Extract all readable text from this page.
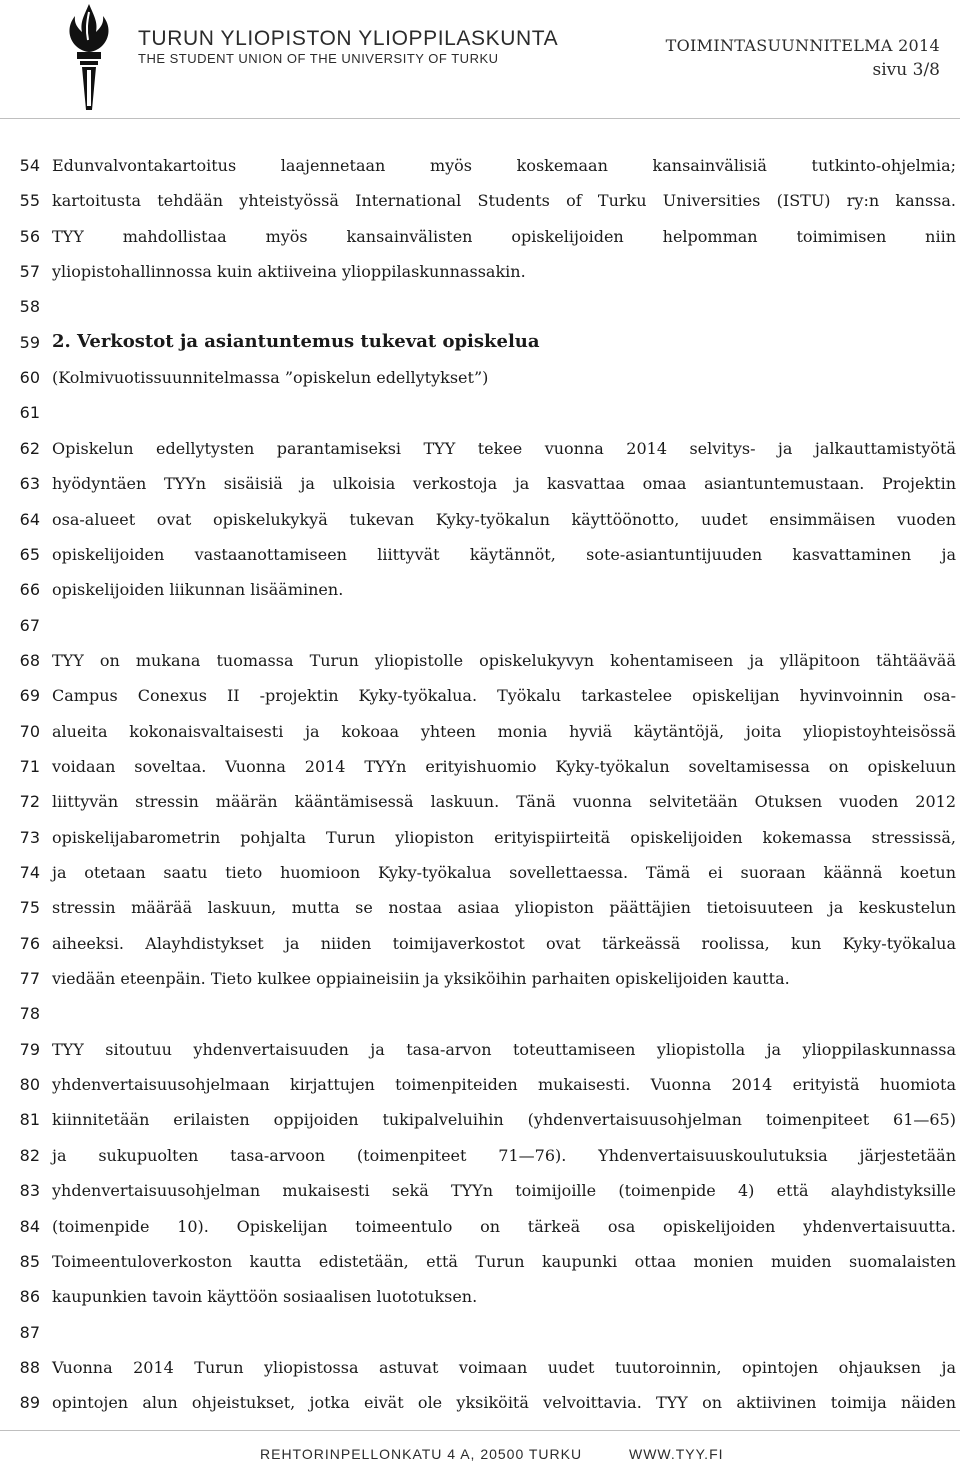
TURUN YLIOPISTON YLIOPPILASKUNTA
THE STUDENT UNION OF THE UNIVERSITY OF TURKU
TOIMINTASUUNNITELMA 2014
sivu 3/8
54 Edunvalvontakartoitus laajennetaan myös koskemaan kansainvälisiä tutkinto-ohjelmia;
55 kartoitusta tehdään yhteistyössä International Students of Turku Universities (ISTU) ry:n kanssa.
56 TYY mahdollistaa myös kansainvälisten opiskelijoiden helpomman toimimisen niin
57 yliopistohallinnossa kuin aktiiveina ylioppilaskunnassakin.
58
59 2. Verkostot ja asiantuntemus tukevat opiskelua
60 (Kolmivuotissuunnitelmassa ”opiskelun edellytykset”)
61
62 Opiskelun edellytysten parantamiseksi TYY tekee vuonna 2014 selvitys- ja jalkauttamistyötä
63 hyödyntäen TYYn sisäisiä ja ulkoisia verkostoja ja kasvattaa omaa asiantuntemustaan. Projektin
64 osa-alueet ovat opiskelukykyä tukevan Kyky-työkalun käyttöönotto, uudet ensimmäisen vuoden
65 opiskelijoiden vastaanottamiseen liittyvät käytännöt, sote-asiantuntijuuden kasvattaminen ja
66 opiskelijoiden liikunnan lisääminen.
67
68 TYY on mukana tuomassa Turun yliopistolle opiskelukyvyn kohentamiseen ja ylläpitoon tähtäävää
69 Campus Conexus II -projektin Kyky-työkalua. Työkalu tarkastelee opiskelijan hyvinvoinnin osa-
70 alueita kokonaisvaltaisesti ja kokoaa yhteen monia hyviä käytäntöjä, joita yliopistoyhteisössä
71 voidaan soveltaa. Vuonna 2014 TYYn erityishuomio Kyky-työkalun soveltamisessa on opiskeluun
72 liittyvän stressin määrän kääntämisessä laskuun. Tänä vuonna selvitetään Otuksen vuoden 2012
73 opiskelijabarometrin pohjalta Turun yliopiston erityispiirteitä opiskelijoiden kokemassa stressissä,
74 ja otetaan saatu tieto huomioon Kyky-työkalua sovellettaessa. Tämä ei suoraan käännä koetun
75 stressin määrää laskuun, mutta se nostaa asiaa yliopiston päättäjien tietoisuuteen ja keskustelun
76 aiheeksi. Alayhdistykset ja niiden toimijaverkostot ovat tärkeässä roolissa, kun Kyky-työkalua
77 viedään eteenpäin. Tieto kulkee oppiaineisiin ja yksiköihin parhaiten opiskelijoiden kautta.
78
79 TYY sitoutuu yhdenvertaisuuden ja tasa-arvon toteuttamiseen yliopistolla ja ylioppilaskunnassa
80 yhdenvertaisuusohjelmaan kirjattujen toimenpiteiden mukaisesti. Vuonna 2014 erityistä huomiota
81 kiinnitetään erilaisten oppijoiden tukipalveluihin (yhdenvertaisuusohjelman toimenpiteet 61—65)
82 ja sukupuolten tasa-arvoon (toimenpiteet 71—76). Yhdenvertaisuuskoulutuksia järjestetään
83 yhdenvertaisuusohjelman mukaisesti sekä TYYn toimijoille (toimenpide 4) että alayhdistyksille
84 (toimenpide 10). Opiskelijan toimeentulo on tärkeä osa opiskelijoiden yhdenvertaisuutta.
85 Toimeentuloverkoston kautta edistetään, että Turun kaupunki ottaa monien muiden suomalaisten
86 kaupunkien tavoin käyttöön sosiaalisen luototuksen.
87
88 Vuonna 2014 Turun yliopistossa astuvat voimaan uudet tuutoroinnin, opintojen ohjauksen ja
89 opintojen alun ohjeistukset, jotka eivät ole yksiköitä velvoittavia. TYY on aktiivinen toimija näiden
REHTORINPELLONKATU 4 A, 20500 TURKU	WWW.TYY.FI
